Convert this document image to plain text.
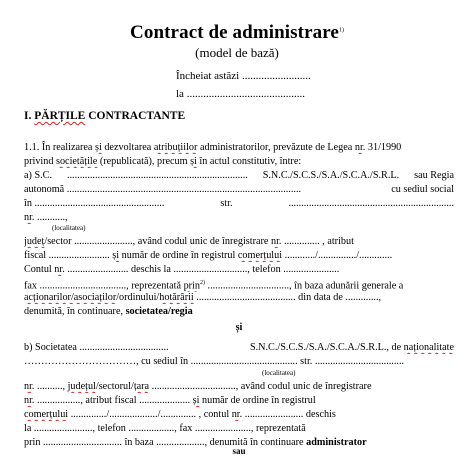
Contract de administrare$^{1)}$
(model de bază)
Încheiat astăzi .........................
la ...........................................
I. PĂRȚILE CONTRACTANTE
1.1. În realizarea și dezvoltarea atribuțiilor administratorilor, prevăzute de Legea nr. 31/1990
privind societățile (republicată), precum și în actul constitutiv, între:
a) S.C. ....................................................................... S.N.C./S.C.S./S.A./S.C.A./S.R.L. sau Regia
autonomă ............................................................................................	cu sediul social
în ...................................................	str.	.................................................................
nr. ...........,
(localitatea)
județ/sector ......................., având codul unic de înregistrare nr. .............. , atribut
fiscal ........................ și număr de ordine în registrul comerțului ............/.............../.............
Contul nr. ........................ deschis la ............................., telefon ......................
fax .................................., reprezentată prin$^{2)}$ ................................, în baza adunării generale a
acționarilor/asociaților/ordinului/hotărârii ....................................... din data de .............,
denumită, în continuare, societatea/regia
și
b) Societatea ...................................	S.N.C./S.C.S./S.A./S.C.A./S.R.L., de naționalitate
……………………………, cu sediul în .......................................... str. ...................................
(localitatea)
nr. .........., județul/sectorul/țara ................................., având codul unic de înregistrare
nr. ................., atribut fiscal .................... și număr de ordine în registrul
comerțului ............../.................../.............. , contul nr. ....................... deschis
la ......................., telefon .................., fax ......................, reprezentată
prin ............................... în baza ..................., denumită în continuare administrator
sau
